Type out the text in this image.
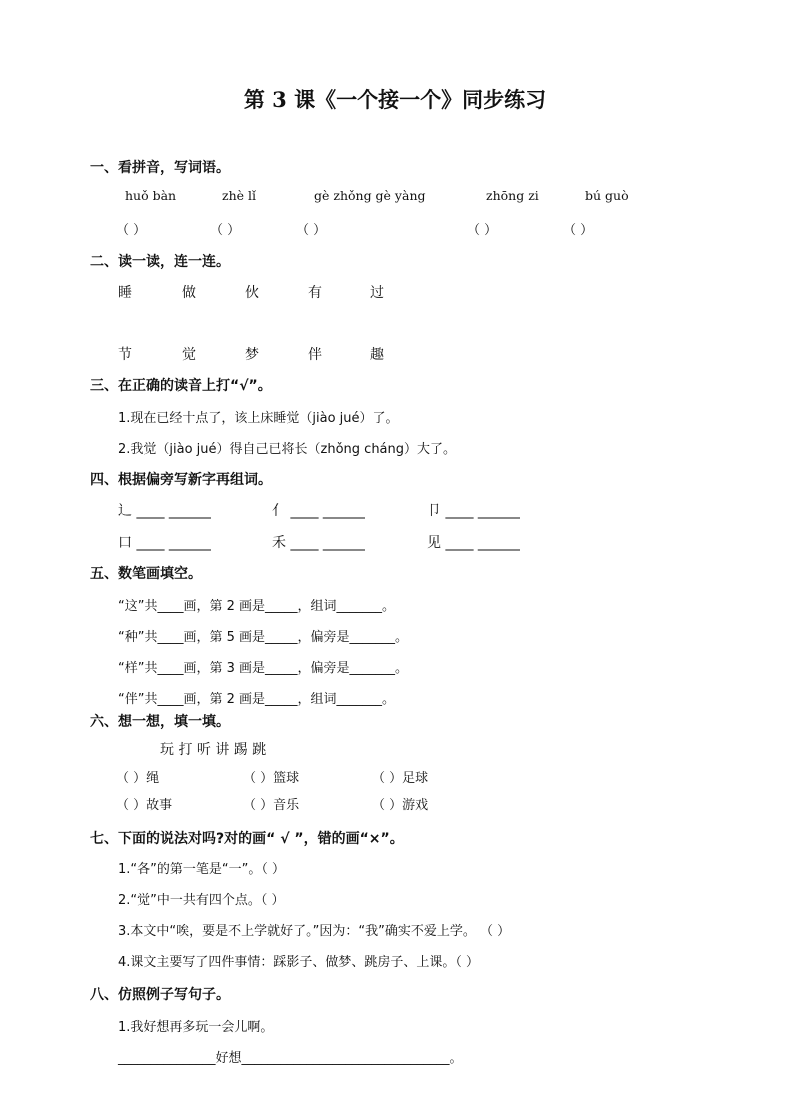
第 3 课《一个接一个》同步练习
一、看拼音，写词语。
huǒ bàn	zhè lǐ	gè zhǒng gè yàng	zhōng zi	bú guò
（ ）	（ ）	（ ）	（ ）	（ ）
二、读一读，连一连。
睡	做	伙	有	过
节	觉	梦	伴	趣
三、在正确的读音上打“√”。
1.现在已经十点了，该上床睡觉（jiào jué）了。
2.我觉（jiào jué）得自己已将长（zhǒng cháng）大了。
四、根据偏旁写新字再组词。
辶 ____ ______	亻 ____ ______	卩 ____ ______
口 ____ ______	禾 ____ ______	见 ____ ______
五、数笔画填空。
“这”共____画，第 2 画是_____，组词_______。
“种”共____画，第 5 画是_____，偏旁是_______。
“样”共____画，第 3 画是_____，偏旁是_______。
“伴”共____画，第 2 画是_____，组词_______。
六、想一想，填一填。
玩 打 听 讲 踢 跳
（ ）绳	（ ）篮球	（ ）足球
（ ）故事	（ ）音乐	（ ）游戏
七、下面的说法对吗?对的画“ √ ”，错的画“×”。
1.“各”的第一笔是“一”。（ ）
2.“觉”中一共有四个点。（ ）
3.本文中“唉，要是不上学就好了。”因为：“我”确实不爱上学。 （ ）
4.课文主要写了四件事情：踩影子、做梦、跳房子、上课。（ ）
八、仿照例子写句子。
1.我好想再多玩一会儿啊。
_______________好想________________________________。
